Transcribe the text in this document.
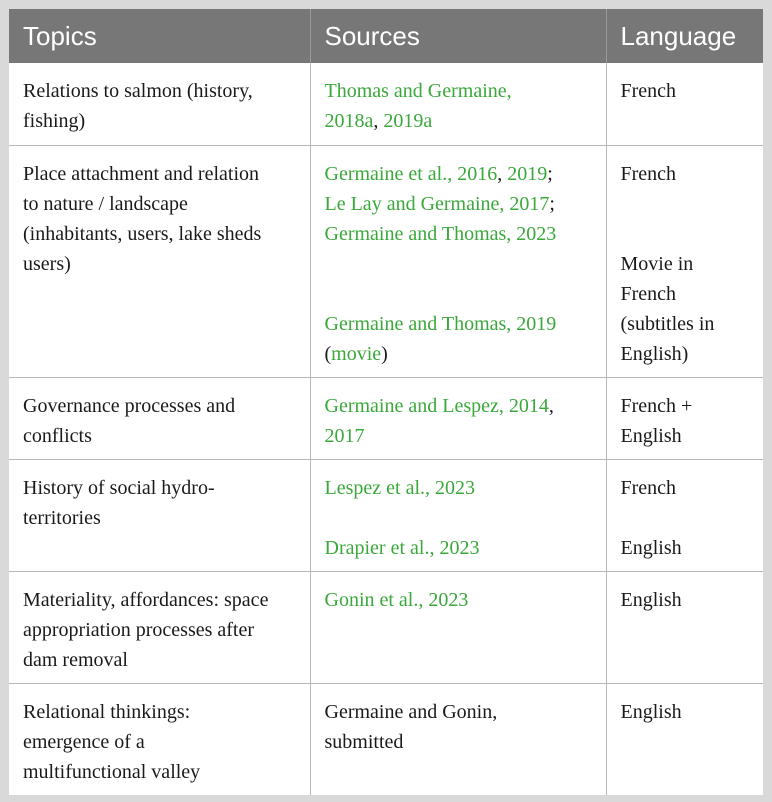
Topics	Sources	Language

Relations to salmon (history,
fishing)	Thomas and Germaine,
2018a, 2019a	French

Place attachment and relation
to nature / landscape
(inhabitants, users, lake sheds
users)	Germaine et al., 2016, 2019;
Le Lay and Germaine, 2017;
Germaine and Thomas, 2023
Germaine and Thomas, 2019
(movie)	French
Movie in
French
(subtitles in
English)

Governance processes and
conflicts	Germaine and Lespez, 2014,
2017	French +
English

History of social hydro-
territories	Lespez et al., 2023
Drapier et al., 2023	French
English

Materiality, affordances: space
appropriation processes after
dam removal	Gonin et al., 2023	English

Relational thinkings:
emergence of a
multifunctional valley	Germaine and Gonin,
submitted	English
